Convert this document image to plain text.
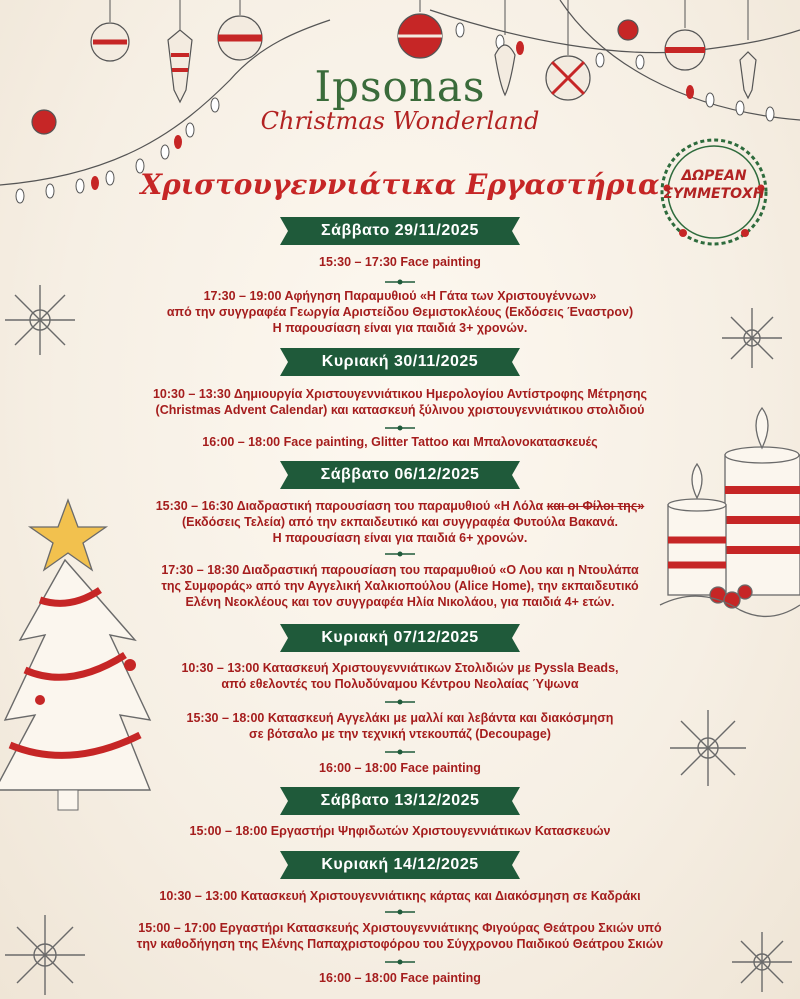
Ipsonas
Christmas Wonderland
Χριστουγεννιάτικα Εργαστήρια	ΔΩΡΕΑΝ
ΣΥΜΜΕΤΟΧΗ
Σάββατο 29/11/2025
15:30 – 17:30 Face painting
17:30 – 19:00 Αφήγηση Παραμυθιού «Η Γάτα των Χριστουγέννων»
από την συγγραφέα Γεωργία Αριστείδου Θεμιστοκλέους (Εκδόσεις Έναστρον)
Η παρουσίαση είναι για παιδιά 3+ χρονών.
Κυριακή 30/11/2025
10:30 – 13:30 Δημιουργία Χριστουγεννιάτικου Ημερολογίου Αντίστροφης Μέτρησης
(Christmas Advent Calendar) και κατασκευή ξύλινου χριστουγεννιάτικου στολιδιού
16:00 – 18:00 Face painting, Glitter Tattoo και Μπαλονοκατασκευές
Σάββατο 06/12/2025
15:30 – 16:30 Διαδραστική παρουσίαση του παραμυθιού «Η Λόλα και οι Φίλοι της»
(Εκδόσεις Τελεία) από την εκπαιδευτικό και συγγραφέα Φυτούλα Βακανά.
Η παρουσίαση είναι για παιδιά 6+ χρονών.
17:30 – 18:30 Διαδραστική παρουσίαση του παραμυθιού «Ο Λου και η Ντουλάπα
της Συμφοράς» από την Αγγελική Χαλκιοπούλου (Alice Home), την εκπαιδευτικό
Ελένη Νεοκλέους και τον συγγραφέα Ηλία Νικολάου, για παιδιά 4+ ετών.
Κυριακή 07/12/2025
10:30 – 13:00 Κατασκευή Χριστουγεννιάτικων Στολιδιών με Pyssla Beads,
από εθελοντές του Πολυδύναμου Κέντρου Νεολαίας Ύψωνα
15:30 – 18:00 Κατασκευή Αγγελάκι με μαλλί και λεβάντα και διακόσμηση
σε βότσαλο με την τεχνική ντεκουπάζ (Decoupage)
16:00 – 18:00 Face painting
Σάββατο 13/12/2025
15:00 – 18:00 Εργαστήρι Ψηφιδωτών Χριστουγεννιάτικων Κατασκευών
Κυριακή 14/12/2025
10:30 – 13:00 Κατασκευή Χριστουγεννιάτικης κάρτας και Διακόσμηση σε Καδράκι
15:00 – 17:00 Εργαστήρι Κατασκευής Χριστουγεννιάτικης Φιγούρας Θεάτρου Σκιών υπό
την καθοδήγηση της Ελένης Παπαχριστοφόρου του Σύγχρονου Παιδικού Θεάτρου Σκιών
16:00 – 18:00 Face painting
